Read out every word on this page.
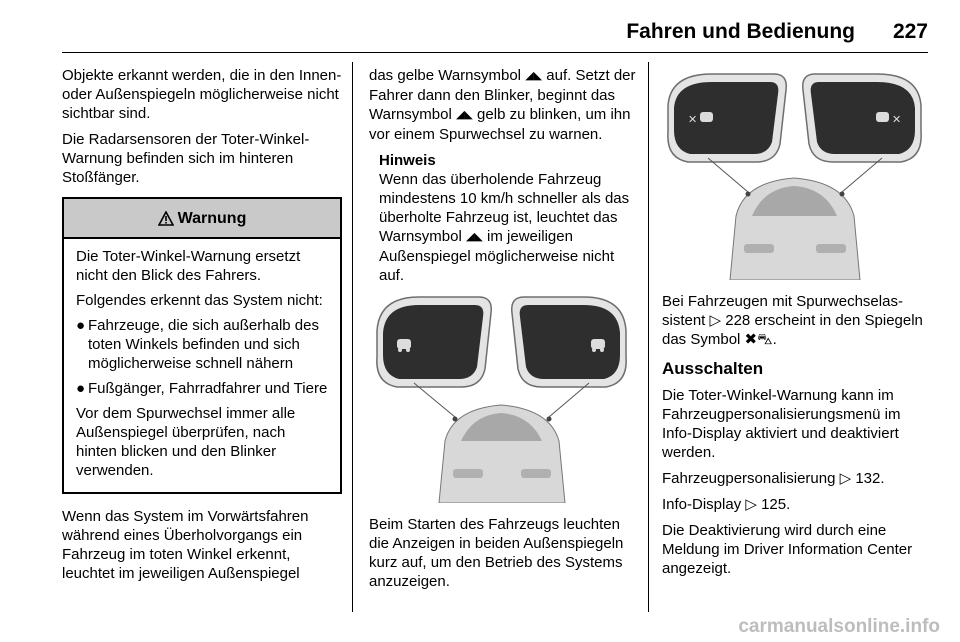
Fahren und Bedienung	227

Objekte erkannt werden, die in den Innen- oder Außenspiegeln möglicherweise nicht sichtbar sind.

Die Radarsensoren der Toter-Winkel-Warnung befinden sich im hinteren Stoßfänger.

Warnung

Die Toter-Winkel-Warnung ersetzt nicht den Blick des Fahrers.

Folgendes erkennt das System nicht:

● Fahrzeuge, die sich außerhalb des toten Winkels befinden und sich möglicherweise schnell nähern
● Fußgänger, Fahrradfahrer und Tiere

Vor dem Spurwechsel immer alle Außenspiegel überprüfen, nach hinten blicken und den Blinker verwenden.

Wenn das System im Vorwärtsfahren während eines Überholvorgangs ein Fahrzeug im toten Winkel erkennt, leuchtet im jeweiligen Außenspiegel

das gelbe Warnsymbol ◢◣ auf. Setzt der Fahrer dann den Blinker, beginnt das Warnsymbol ◢◣ gelb zu blinken, um ihn vor einem Spurwechsel zu warnen.

Hinweis
Wenn das überholende Fahrzeug mindestens 10 km/h schneller als das überholte Fahrzeug ist, leuchtet das Warnsymbol ◢◣ im jeweiligen Außenspiegel möglicherweise nicht auf.

Beim Starten des Fahrzeugs leuchten die Anzeigen in beiden Außenspiegeln kurz auf, um den Betrieb des Systems anzuzeigen.

✕	✕

Bei Fahrzeugen mit Spurwechselassistent ▷ 228 erscheint in den Spiegeln das Symbol ✖⛍.

Ausschalten

Die Toter-Winkel-Warnung kann im Fahrzeugpersonalisierungsmenü im Info-Display aktiviert und deaktiviert werden.

Fahrzeugpersonalisierung ▷ 132.

Info-Display ▷ 125.

Die Deaktivierung wird durch eine Meldung im Driver Information Center angezeigt.

carmanualsonline.info
